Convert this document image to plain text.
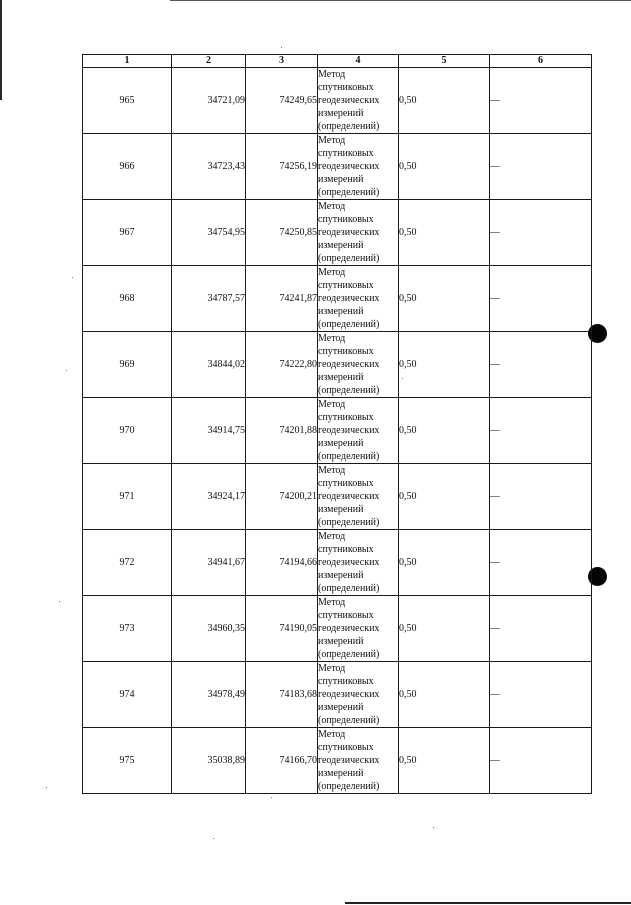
1	2	3	4	5	6
965	34721,09	74249,65	Метод
спутниковых
геодезических
измерений
(определений)	0,50	—
966	34723,43	74256,19	Метод
спутниковых
геодезических
измерений
(определений)	0,50	—
967	34754,95	74250,85	Метод
спутниковых
геодезических
измерений
(определений)	0,50	—
968	34787,57	74241,87	Метод
спутниковых
геодезических
измерений
(определений)	0,50	—
969	34844,02	74222,80	Метод
спутниковых
геодезических
измерений
(определений)	0,50	—
970	34914,75	74201,88	Метод
спутниковых
геодезических
измерений
(определений)	0,50	—
971	34924,17	74200,21	Метод
спутниковых
геодезических
измерений
(определений)	0,50	—
972	34941,67	74194,66	Метод
спутниковых
геодезических
измерений
(определений)	0,50	—
973	34960,35	74190,05	Метод
спутниковых
геодезических
измерений
(определений)	0,50	—
974	34978,49	74183,68	Метод
спутниковых
геодезических
измерений
(определений)	0,50	—
975	35038,89	74166,70	Метод
спутниковых
геодезических
измерений
(определений)	0,50	—
